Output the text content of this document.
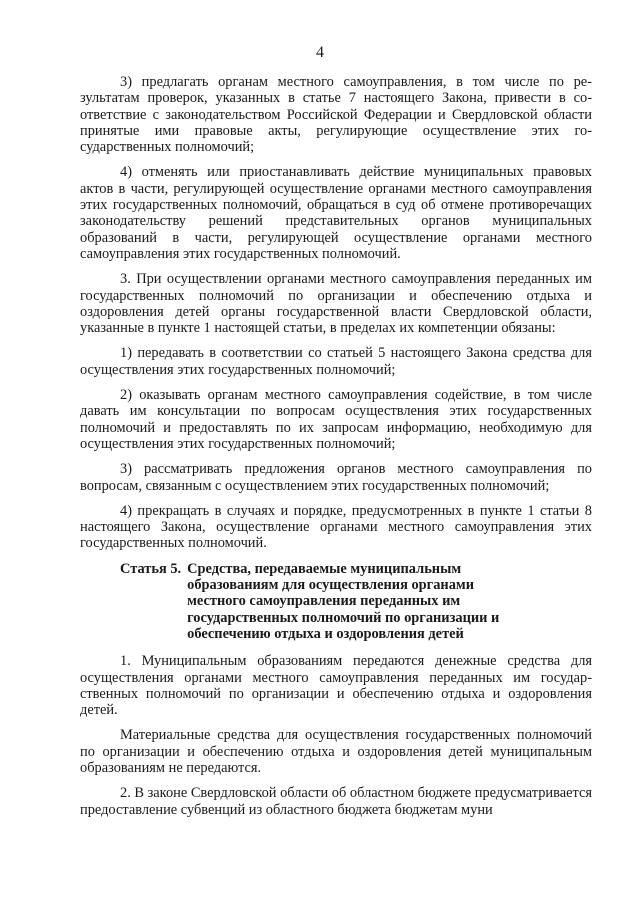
4

3) предлагать органам местного самоуправления, в том числе по результатам проверок, указанных в статье 7 настоящего Закона, привести в соответствие с законодательством Российской Федерации и Свердловской области принятые ими правовые акты, регулирующие осуществление этих государственных полномочий;

4) отменять или приостанавливать действие муниципальных правовых актов в части, регулирующей осуществление органами местного самоуправления этих государственных полномочий, обращаться в суд об отмене противоречащих законодательству решений представительных органов муниципальных образований в части, регулирующей осуществление органами местного самоуправления этих государственных полномочий.

3. При осуществлении органами местного самоуправления переданных им государственных полномочий по организации и обеспечению отдыха и оздоровления детей органы государственной власти Свердловской области, указанные в пункте 1 настоящей статьи, в пределах их компетенции обязаны:

1) передавать в соответствии со статьей 5 настоящего Закона средства для осуществления этих государственных полномочий;

2) оказывать органам местного самоуправления содействие, в том числе давать им консультации по вопросам осуществления этих государственных полномочий и предоставлять по их запросам информацию, необходимую для осуществления этих государственных полномочий;

3) рассматривать предложения органов местного самоуправления по вопросам, связанным с осуществлением этих государственных полномочий;

4) прекращать в случаях и порядке, предусмотренных в пункте 1 статьи 8 настоящего Закона, осуществление органами местного самоуправления этих государственных полномочий.

Статья 5. Средства, передаваемые муниципальным образованиям для осуществления органами местного самоуправления переданных им государственных полномочий по организации и обеспечению отдыха и оздоровления детей

1. Муниципальным образованиям передаются денежные средства для осуществления органами местного самоуправления переданных им государственных полномочий по организации и обеспечению отдыха и оздоровления детей.

Материальные средства для осуществления государственных полномочий по организации и обеспечению отдыха и оздоровления детей муниципальным образованиям не передаются.

2. В законе Свердловской области об областном бюджете предусматривается предоставление субвенций из областного бюджета бюджетам муни
